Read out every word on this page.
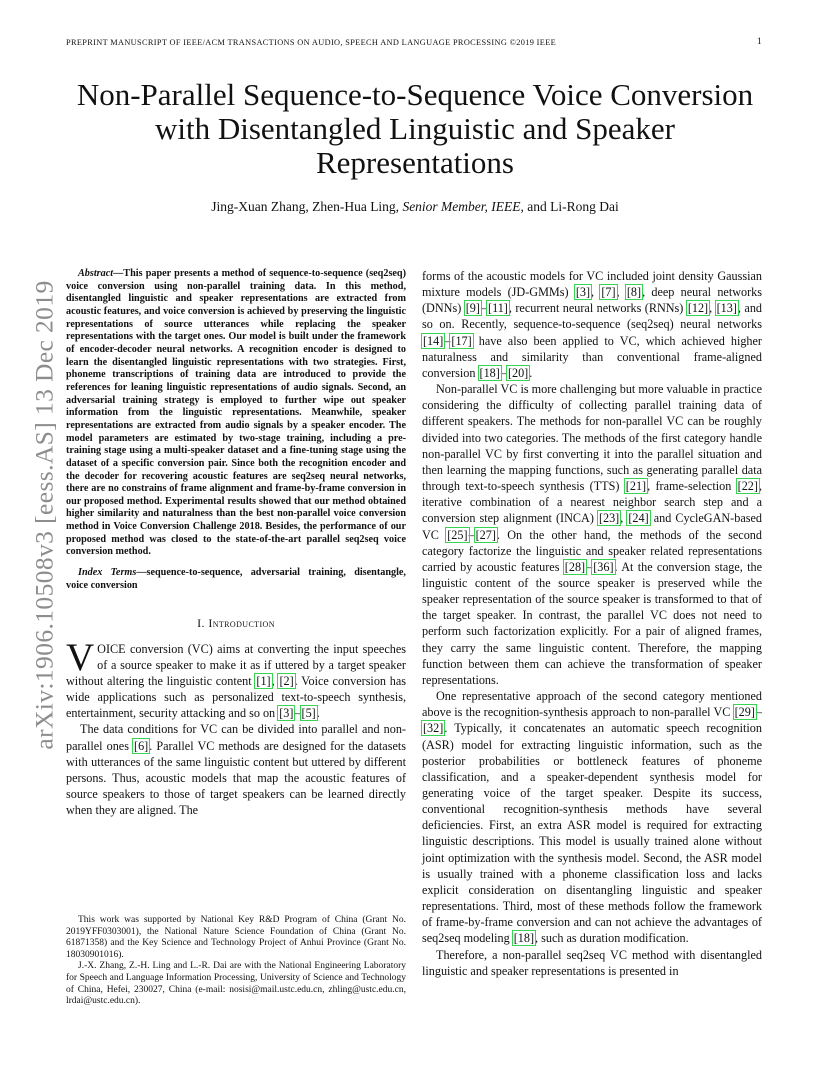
PREPRINT MANUSCRIPT OF IEEE/ACM TRANSACTIONS ON AUDIO, SPEECH AND LANGUAGE PROCESSING ©2019 IEEE	1
arXiv:1906.10508v3 [eess.AS] 13 Dec 2019
Non-Parallel Sequence-to-Sequence Voice Conversion with Disentangled Linguistic and Speaker Representations
Jing-Xuan Zhang, Zhen-Hua Ling, Senior Member, IEEE, and Li-Rong Dai

Abstract—This paper presents a method of sequence-to-sequence (seq2seq) voice conversion using non-parallel training data. In this method, disentangled linguistic and speaker representations are extracted from acoustic features, and voice conversion is achieved by preserving the linguistic representations of source utterances while replacing the speaker representations with the target ones. Our model is built under the framework of encoder-decoder neural networks. A recognition encoder is designed to learn the disentangled linguistic representations with two strategies. First, phoneme transcriptions of training data are introduced to provide the references for leaning linguistic representations of audio signals. Second, an adversarial training strategy is employed to further wipe out speaker information from the linguistic representations. Meanwhile, speaker representations are extracted from audio signals by a speaker encoder. The model parameters are estimated by two-stage training, including a pre-training stage using a multi-speaker dataset and a fine-tuning stage using the dataset of a specific conversion pair. Since both the recognition encoder and the decoder for recovering acoustic features are seq2seq neural networks, there are no constrains of frame alignment and frame-by-frame conversion in our proposed method. Experimental results showed that our method obtained higher similarity and naturalness than the best non-parallel voice conversion method in Voice Conversion Challenge 2018. Besides, the performance of our proposed method was closed to the state-of-the-art parallel seq2seq voice conversion method.

Index Terms—sequence-to-sequence, adversarial training, disentangle, voice conversion

I. Introduction

VOICE conversion (VC) aims at converting the input speeches of a source speaker to make it as if uttered by a target speaker without altering the linguistic content [1], [2]. Voice conversion has wide applications such as personalized text-to-speech synthesis, entertainment, security attacking and so on [3]–[5].

The data conditions for VC can be divided into parallel and non-parallel ones [6]. Parallel VC methods are designed for the datasets with utterances of the same linguistic content but uttered by different persons. Thus, acoustic models that map the acoustic features of source speakers to those of target speakers can be learned directly when they are aligned. The

This work was supported by National Key R&D Program of China (Grant No. 2019YFF0303001), the National Nature Science Foundation of China (Grant No. 61871358) and the Key Science and Technology Project of Anhui Province (Grant No. 18030901016).

J.-X. Zhang, Z.-H. Ling and L.-R. Dai are with the National Engineering Laboratory for Speech and Language Information Processing, University of Science and Technology of China, Hefei, 230027, China (e-mail: nosisi@mail.ustc.edu.cn, zhling@ustc.edu.cn, lrdai@ustc.edu.cn).

forms of the acoustic models for VC included joint density Gaussian mixture models (JD-GMMs) [3], [7], [8], deep neural networks (DNNs) [9]–[11], recurrent neural networks (RNNs) [12], [13], and so on. Recently, sequence-to-sequence (seq2seq) neural networks [14]–[17] have also been applied to VC, which achieved higher naturalness and similarity than conventional frame-aligned conversion [18]–[20].

Non-parallel VC is more challenging but more valuable in practice considering the difficulty of collecting parallel training data of different speakers. The methods for non-parallel VC can be roughly divided into two categories. The methods of the first category handle non-parallel VC by first converting it into the parallel situation and then learning the mapping functions, such as generating parallel data through text-to-speech synthesis (TTS) [21], frame-selection [22], iterative combination of a nearest neighbor search step and a conversion step alignment (INCA) [23], [24] and CycleGAN-based VC [25]–[27]. On the other hand, the methods of the second category factorize the linguistic and speaker related representations carried by acoustic features [28]–[36]. At the conversion stage, the linguistic content of the source speaker is preserved while the speaker representation of the source speaker is transformed to that of the target speaker. In contrast, the parallel VC does not need to perform such factorization explicitly. For a pair of aligned frames, they carry the same linguistic content. Therefore, the mapping function between them can achieve the transformation of speaker representations.

One representative approach of the second category mentioned above is the recognition-synthesis approach to non-parallel VC [29]–[32]. Typically, it concatenates an automatic speech recognition (ASR) model for extracting linguistic information, such as the posterior probabilities or bottleneck features of phoneme classification, and a speaker-dependent synthesis model for generating voice of the target speaker. Despite its success, conventional recognition-synthesis methods have several deficiencies. First, an extra ASR model is required for extracting linguistic descriptions. This model is usually trained alone without joint optimization with the synthesis model. Second, the ASR model is usually trained with a phoneme classification loss and lacks explicit consideration on disentangling linguistic and speaker representations. Third, most of these methods follow the framework of frame-by-frame conversion and can not achieve the advantages of seq2seq modeling [18], such as duration modification.

Therefore, a non-parallel seq2seq VC method with disentangled linguistic and speaker representations is presented in
